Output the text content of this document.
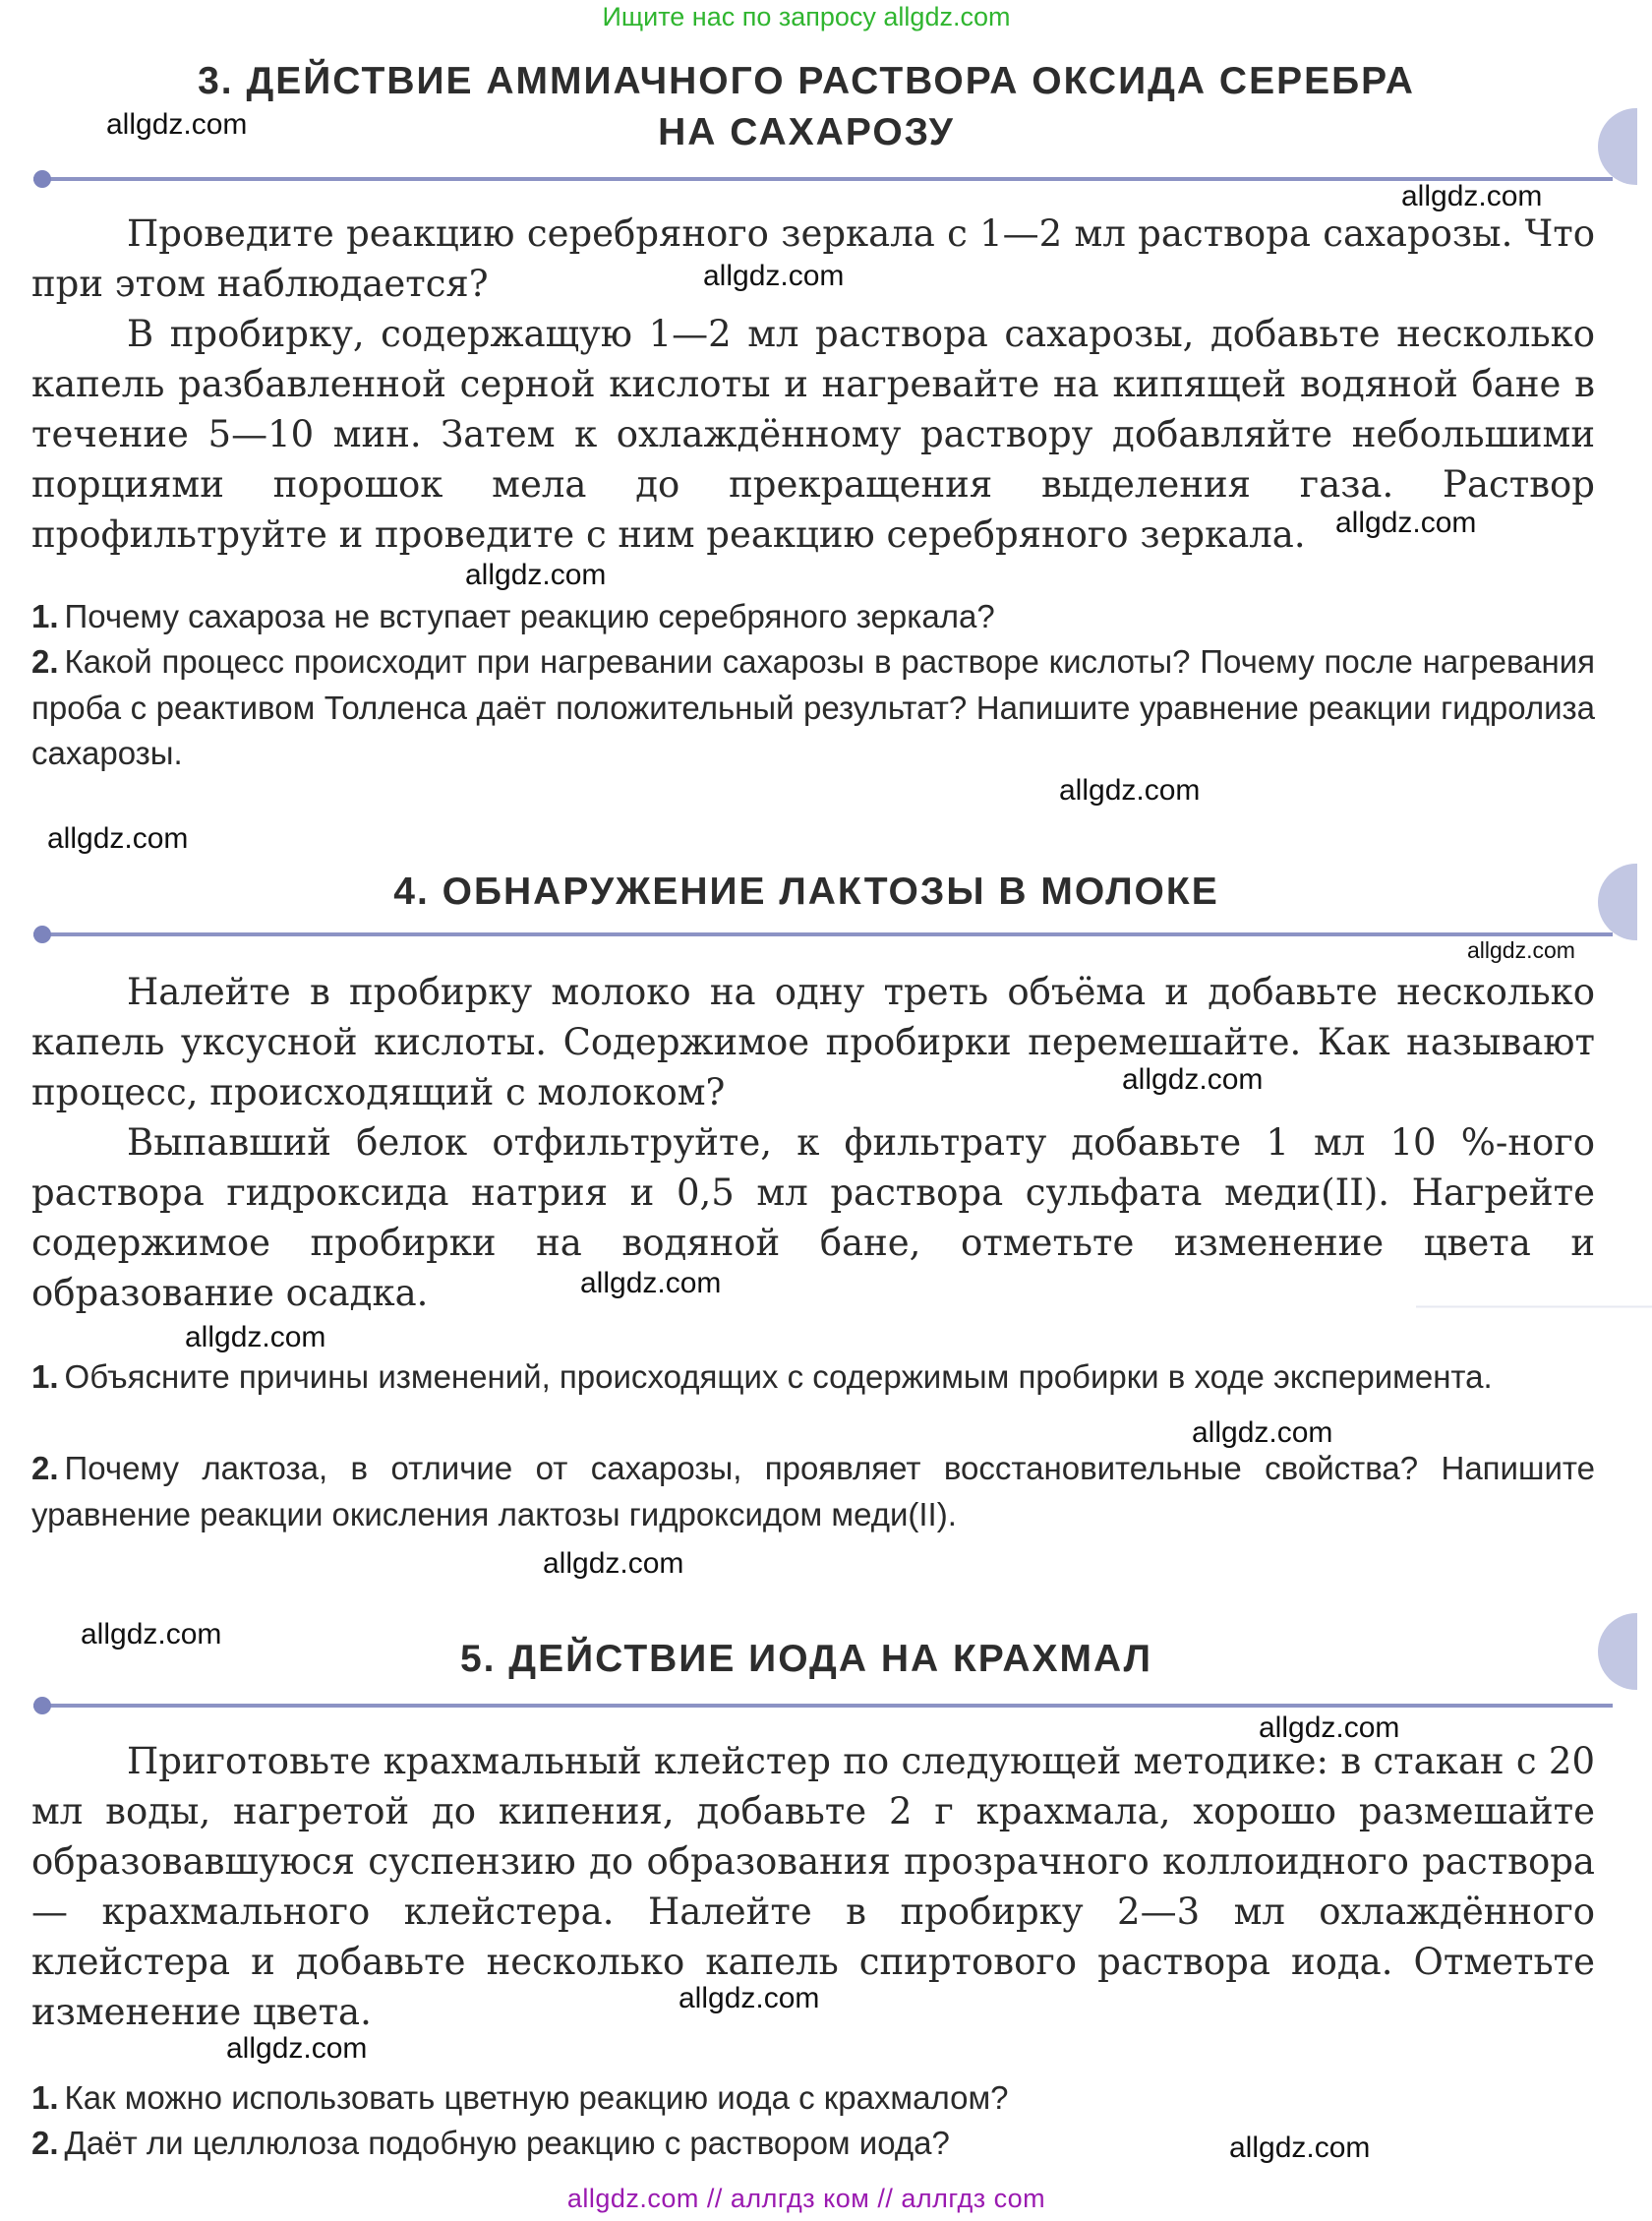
————————
Ищите нас по запросу allgdz.com
allgdz.com // аллгдз ком // аллгдз com
3. ДЕЙСТВИЕ АММИАЧНОГО РАСТВОРА ОКСИДА СЕРЕБРА
НА САХАРОЗУ

Проведите реакцию серебряного зеркала с 1—2 мл раствора сахарозы. Что при этом наблюдается?

В пробирку, содержащую 1—2 мл раствора сахарозы, добавьте несколько капель разбавленной серной кислоты и нагревайте на кипящей водяной бане в течение 5—10 мин. Затем к охлаждённому раствору добавляйте небольшими порциями порошок мела до прекращения выделения газа. Раствор профильтруйте и проведите с ним реакцию серебряного зеркала.

1. Почему сахароза не вступает реакцию серебряного зеркала?

2. Какой процесс происходит при нагревании сахарозы в растворе кислоты? Почему после нагревания проба с реактивом Толленса даёт положительный результат? Напишите уравнение реакции гидролиза сахарозы.

4. ОБНАРУЖЕНИЕ ЛАКТОЗЫ В МОЛОКЕ

Налейте в пробирку молоко на одну треть объёма и добавьте несколько капель уксусной кислоты. Содержимое пробирки перемешайте. Как называют процесс, происходящий с молоком?

Выпавший белок отфильтруйте, к фильтрату добавьте 1 мл 10 %-ного раствора гидроксида натрия и 0,5 мл раствора сульфата меди(II). Нагрейте содержимое пробирки на водяной бане, отметьте изменение цвета и образование осадка.

1. Объясните причины изменений, происходящих с содержимым пробирки в ходе эксперимента.

2. Почему лактоза, в отличие от сахарозы, проявляет восстановительные свойства? Напишите уравнение реакции окисления лактозы гидроксидом меди(II).

5. ДЕЙСТВИЕ ИОДА НА КРАХМАЛ

Приготовьте крахмальный клейстер по следующей методике: в стакан с 20 мл воды, нагретой до кипения, добавьте 2 г крахмала, хорошо размешайте образовавшуюся суспензию до образования прозрачного коллоидного раствора — крахмального клейстера. Налейте в пробирку 2—3 мл охлаждённого клейстера и добавьте несколько капель спиртового раствора иода. Отметьте изменение цвета.

1. Как можно использовать цветную реакцию иода с крахмалом?

2. Даёт ли целлюлоза подобную реакцию с раствором иода?

allgdz.com
allgdz.com
allgdz.com
allgdz.com
allgdz.com
allgdz.com
allgdz.com
allgdz.com
allgdz.com
allgdz.com
allgdz.com
allgdz.com
allgdz.com
allgdz.com
allgdz.com
allgdz.com
allgdz.com
allgdz.com
